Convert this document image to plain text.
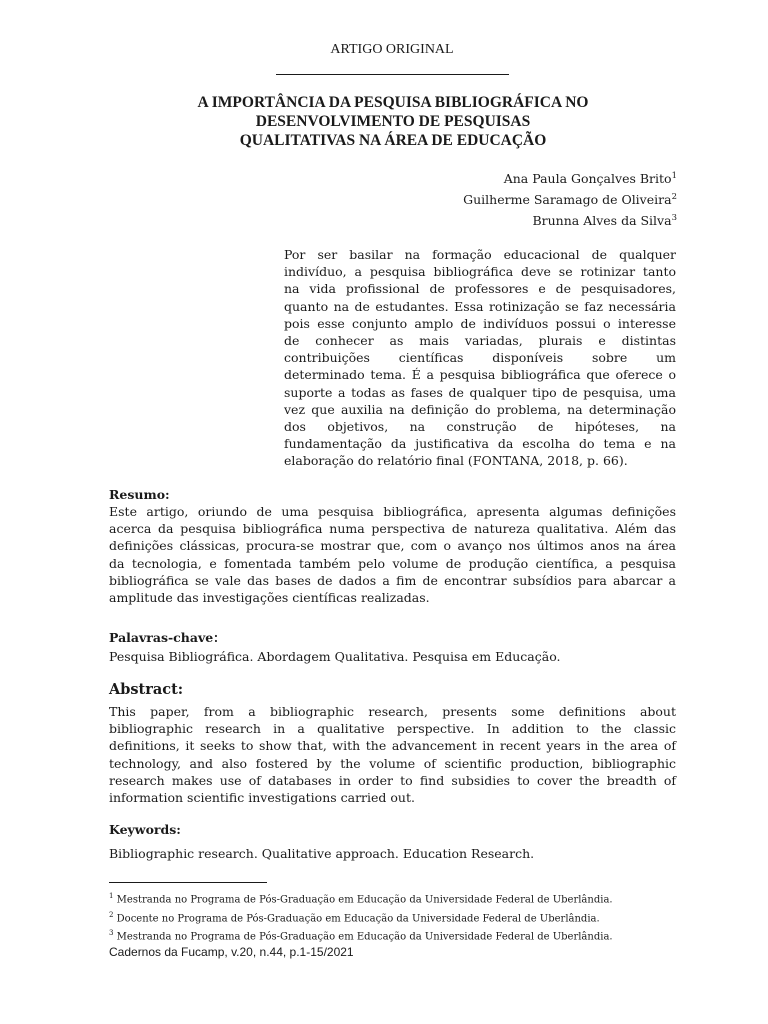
ARTIGO ORIGINAL
A IMPORTÂNCIA DA PESQUISA BIBLIOGRÁFICA NO
DESENVOLVIMENTO DE PESQUISAS
QUALITATIVAS NA ÁREA DE EDUCAÇÃO
Ana Paula Gonçalves Brito$^1$
Guilherme Saramago de Oliveira$^2$
Brunna Alves da Silva$^3$
Por ser basilar na formação educacional de qualquer
indivíduo, a pesquisa bibliográfica deve se rotinizar tanto
na vida profissional de professores e de pesquisadores,
quanto na de estudantes. Essa rotinização se faz necessária
pois esse conjunto amplo de indivíduos possui o interesse
de conhecer as mais variadas, plurais e distintas
contribuições científicas disponíveis sobre um
determinado tema. É a pesquisa bibliográfica que oferece o
suporte a todas as fases de qualquer tipo de pesquisa, uma
vez que auxilia na definição do problema, na determinação
dos objetivos, na construção de hipóteses, na
fundamentação da justificativa da escolha do tema e na
elaboração do relatório final (FONTANA, 2018, p. 66).
Resumo:
Este artigo, oriundo de uma pesquisa bibliográfica, apresenta algumas definições
acerca da pesquisa bibliográfica numa perspectiva de natureza qualitativa. Além das
definições clássicas, procura-se mostrar que, com o avanço nos últimos anos na área
da tecnologia, e fomentada também pelo volume de produção científica, a pesquisa
bibliográfica se vale das bases de dados a fim de encontrar subsídios para abarcar a
amplitude das investigações científicas realizadas.
Palavras-chave:
Pesquisa Bibliográfica. Abordagem Qualitativa. Pesquisa em Educação.
Abstract:
This paper, from a bibliographic research, presents some definitions about
bibliographic research in a qualitative perspective. In addition to the classic
definitions, it seeks to show that, with the advancement in recent years in the area of
technology, and also fostered by the volume of scientific production, bibliographic
research makes use of databases in order to find subsidies to cover the breadth of
information scientific investigations carried out.
Keywords:
Bibliographic research. Qualitative approach. Education Research.
$^1$ Mestranda no Programa de Pós-Graduação em Educação da Universidade Federal de Uberlândia.
$^2$ Docente no Programa de Pós-Graduação em Educação da Universidade Federal de Uberlândia.
$^3$ Mestranda no Programa de Pós-Graduação em Educação da Universidade Federal de Uberlândia.
Cadernos da Fucamp, v.20, n.44, p.1-15/2021
